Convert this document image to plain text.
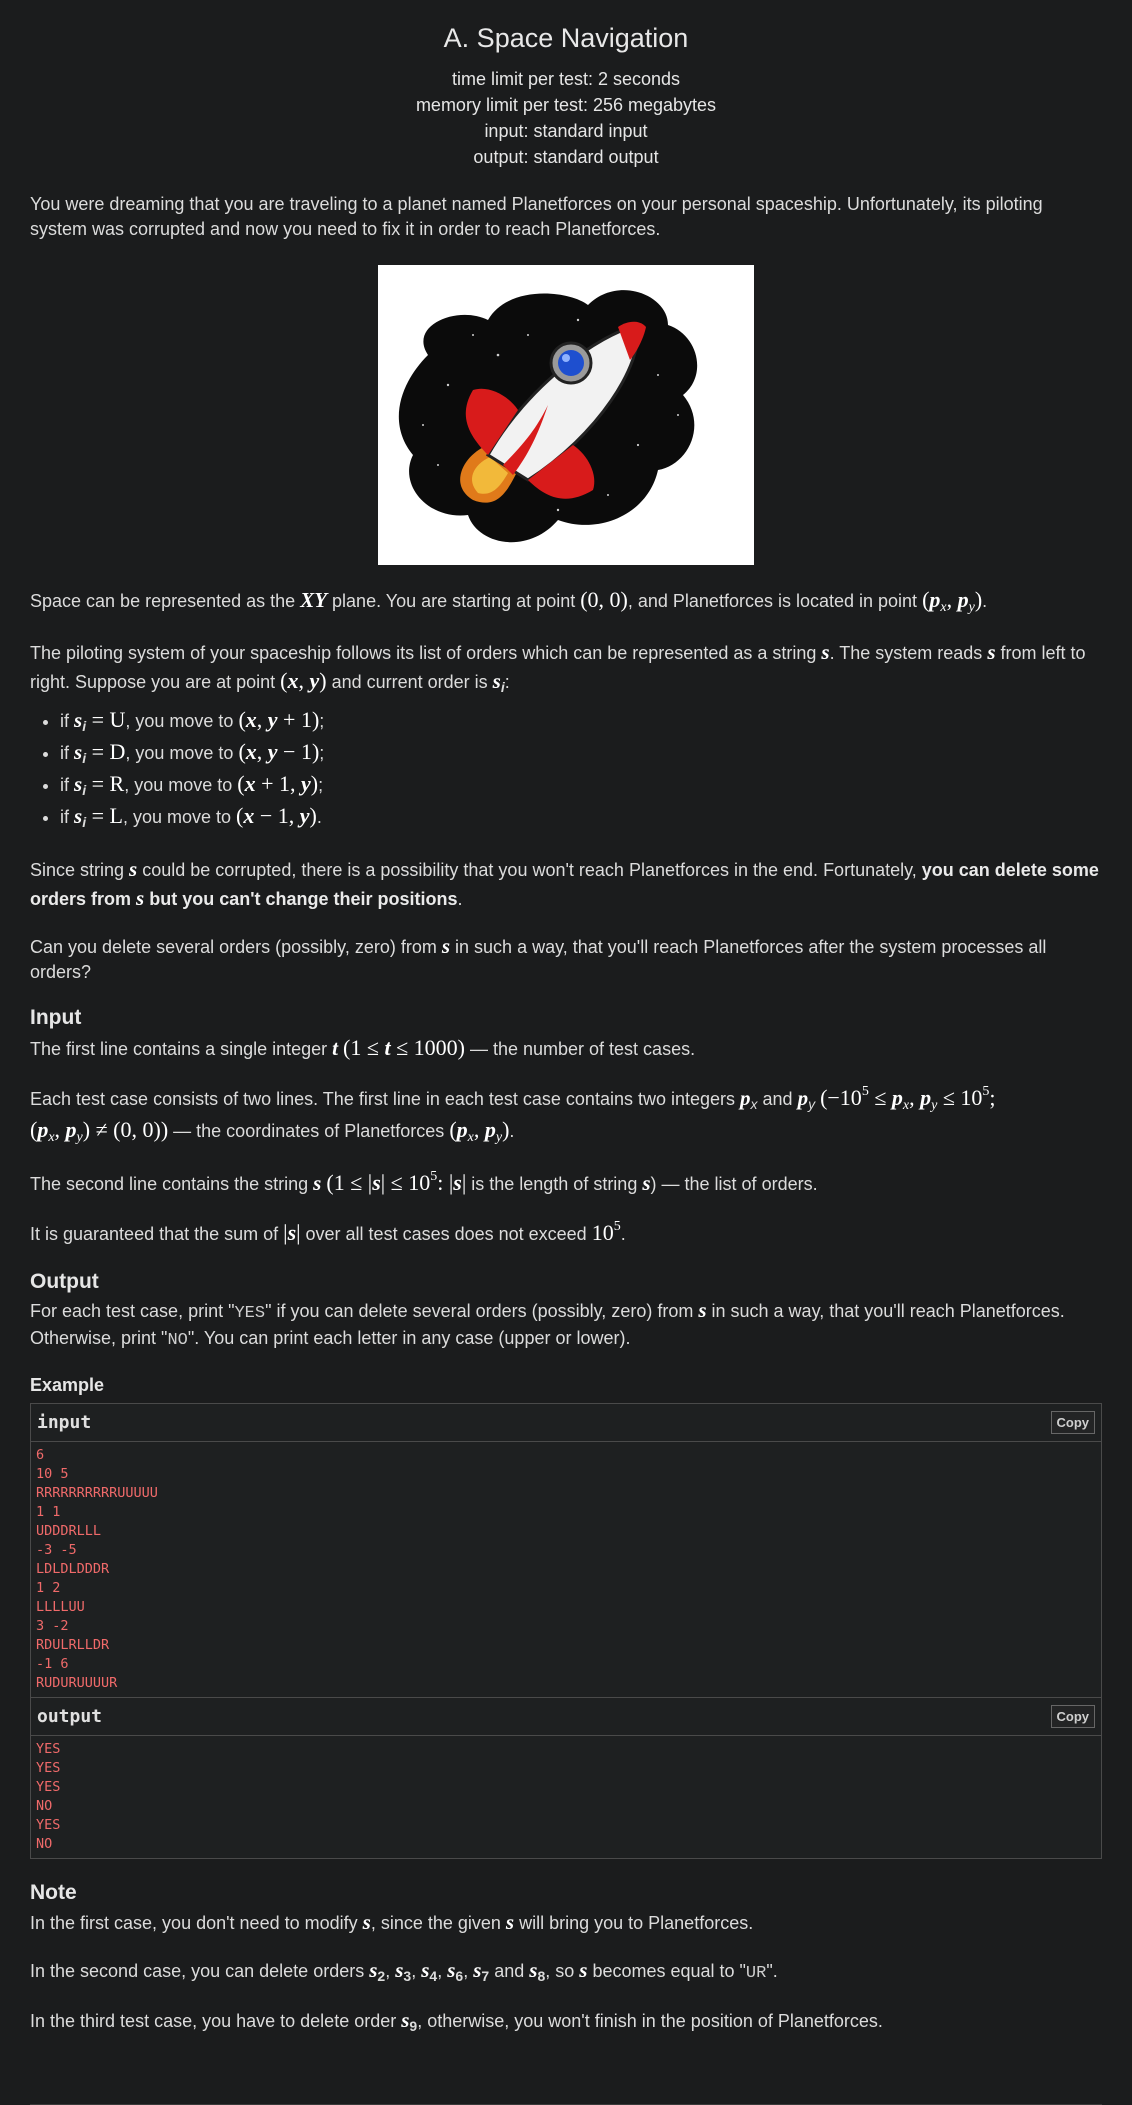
A. Space Navigation
time limit per test: 2 seconds
memory limit per test: 256 megabytes
input: standard input
output: standard output

You were dreaming that you are traveling to a planet named Planetforces on your personal spaceship. Unfortunately, its piloting system was corrupted and now you need to fix it in order to reach Planetforces.

Space can be represented as the XY plane. You are starting at point (0, 0), and Planetforces is located in point ($p_x$, $p_y$).

The piloting system of your spaceship follows its list of orders which can be represented as a string s. The system reads s from left to right. Suppose you are at point (x, y) and current order is $s_i$:

• if $s_i = U$, you move to (x, y + 1);
• if $s_i = D$, you move to (x, y − 1);
• if $s_i = R$, you move to (x + 1, y);
• if $s_i = L$, you move to (x − 1, y).

Since string s could be corrupted, there is a possibility that you won't reach Planetforces in the end. Fortunately, you can delete some orders from s but you can't change their positions.

Can you delete several orders (possibly, zero) from s in such a way, that you'll reach Planetforces after the system processes all orders?

Input

The first line contains a single integer t (1 ≤ t ≤ 1000) — the number of test cases.

Each test case consists of two lines. The first line in each test case contains two integers $p_x$ and $p_y$ ($-10^5 \le p_x$, $p_y \le 10^5$;
($p_x$, $p_y) \ne (0$, 0)) — the coordinates of Planetforces ($p_x$, $p_y$).

The second line contains the string s ($1 \le |s| \le 10^5$: |s| is the length of string s) — the list of orders.

It is guaranteed that the sum of |s| over all test cases does not exceed $10^5$.

Output

For each test case, print "YES" if you can delete several orders (possibly, zero) from s in such a way, that you'll reach Planetforces. Otherwise, print "NO". You can print each letter in any case (upper or lower).

Example
input	Copy
6
10 5
RRRRRRRRRRUUUUU
1 1
UDDDRLLL
-3 -5
LDLDLDDDR
1 2
LLLLUU
3 -2
RDULRLLDR
-1 6
RUDURUUUUR
output	Copy
YES
YES
YES
NO
YES
NO
Note

In the first case, you don't need to modify s, since the given s will bring you to Planetforces.

In the second case, you can delete orders $s_2$, $s_3$, $s_4$, $s_6$, $s_7$ and $s_8$, so s becomes equal to "UR".

In the third test case, you have to delete order $s_9$, otherwise, you won't finish in the position of Planetforces.
